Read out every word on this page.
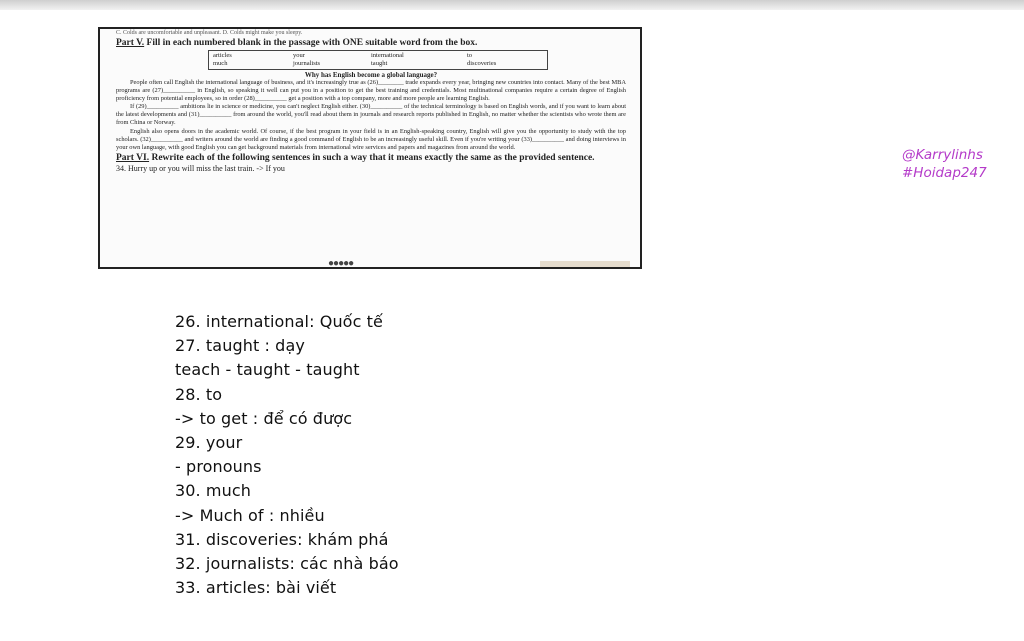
C. Colds are uncomfortable and unpleasant. D. Colds might make you sleepy.
Part V. Fill in each numbered blank in the passage with ONE suitable word from the box.
articles	your	international	to
much	journalists	taught	discoveries
Why has English become a global language?

People often call English the international language of business, and it's increasingly true as (26)________ trade expands every year, bringing new countries into contact. Many of the best MBA programs are (27)__________ in English, so speaking it well can put you in a position to get the best training and credentials. Most multinational companies require a certain degree of English proficiency from potential employees, so in order (28)__________ get a position with a top company, more and more people are learning English.

If (29)__________ ambitions lie in science or medicine, you can't neglect English either. (30)__________ of the technical terminology is based on English words, and if you want to learn about the latest developments and (31)__________ from around the world, you'll read about them in journals and research reports published in English, no matter whether the scientists who wrote them are from China or Norway.

English also opens doors in the academic world. Of course, if the best program in your field is in an English-speaking country, English will give you the opportunity to study with the top scholars. (32)__________ and writers around the world are finding a good command of English to be an increasingly useful skill. Even if you're writing your (33)__________ and doing interviews in your own language, with good English you can get background materials from international wire services and papers and magazines from around the world.

Part VI. Rewrite each of the following sentences in such a way that it means exactly the same as the provided sentence.
34. Hurry up or you will miss the last train. -> If you
●●●●●
@Karrylinhs
#Hoidap247
26. international: Quốc tế
27. taught : dạy
teach - taught - taught
28. to
-> to get : để có được
29. your
- pronouns
30. much
-> Much of : nhiều
31. discoveries: khám phá
32. journalists: các nhà báo
33. articles: bài viết
